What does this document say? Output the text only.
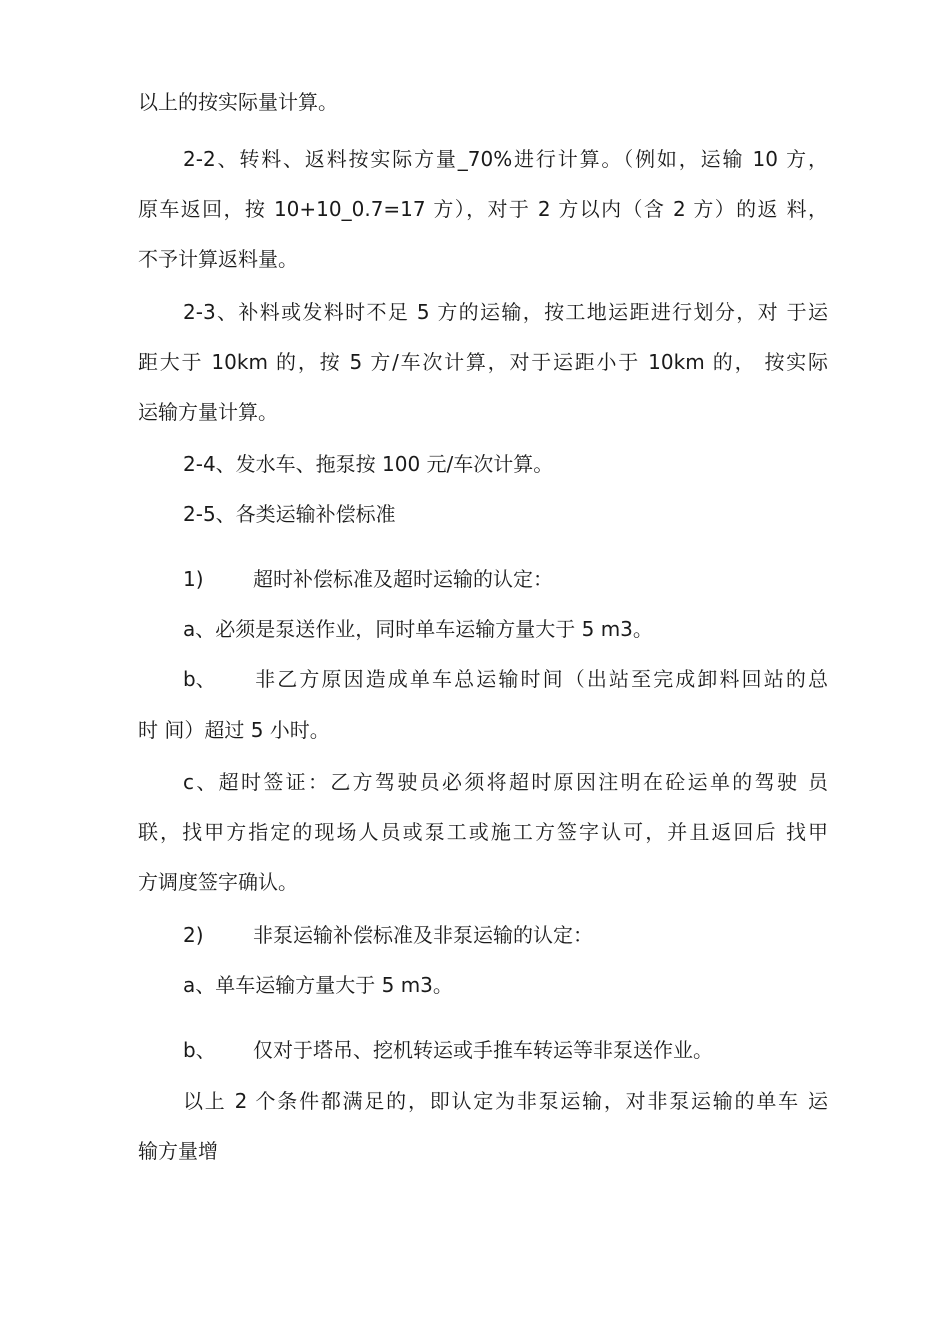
以上的按实际量计算。
2-2、转料、返料按实际方量_70%进行计算。（例如，运输 10 方，
原车返回，按 10+10_0.7=17 方），对于 2 方以内（含 2 方）的返 料，
不予计算返料量。
2-3、补料或发料时不足 5 方的运输，按工地运距进行划分，对 于运
距大于 10km 的，按 5 方/车次计算，对于运距小于 10km 的， 按实际
运输方量计算。
2-4、发水车、拖泵按 100 元/车次计算。
2-5、各类运输补偿标准
1) 超时补偿标准及超时运输的认定：
a、必须是泵送作业，同时单车运输方量大于 5 m3。
b、 非乙方原因造成单车总运输时间（出站至完成卸料回站的总
时 间）超过 5 小时。
c、超时签证：乙方驾驶员必须将超时原因注明在砼运单的驾驶 员
联，找甲方指定的现场人员或泵工或施工方签字认可，并且返回后 找甲
方调度签字确认。
2) 非泵运输补偿标准及非泵运输的认定：
a、单车运输方量大于 5 m3。
b、 仅对于塔吊、挖机转运或手推车转运等非泵送作业。
以上 2 个条件都满足的，即认定为非泵运输，对非泵运输的单车 运
输方量增
